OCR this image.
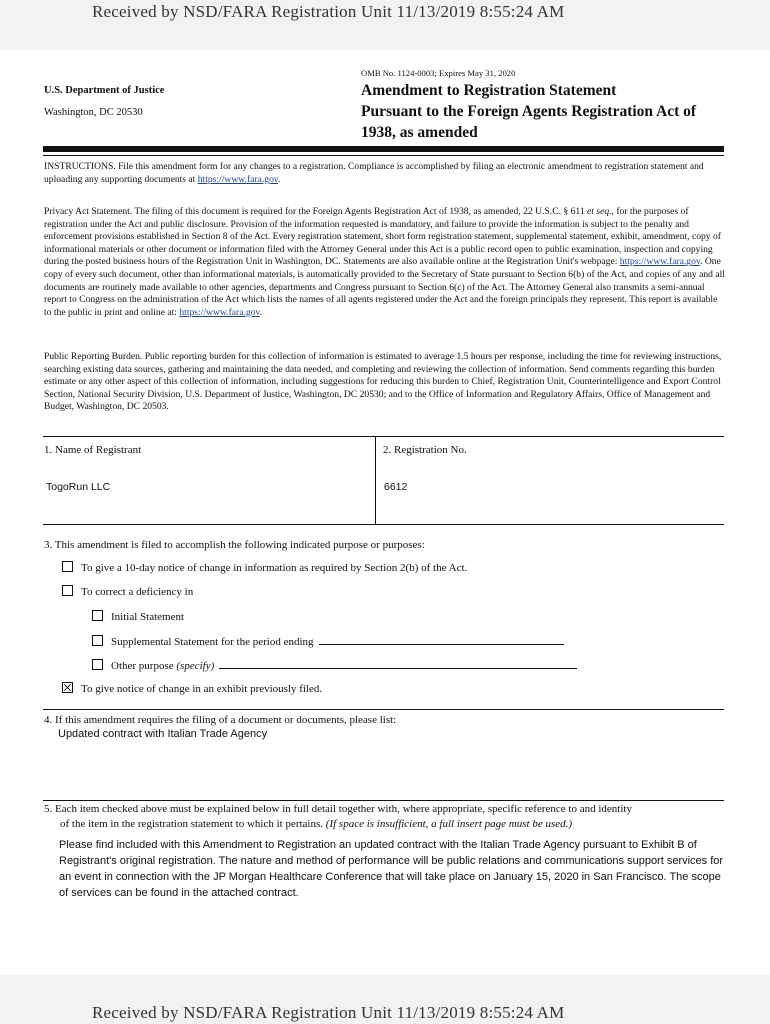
Received by NSD/FARA Registration Unit 11/13/2019 8:55:24 AM
U.S. Department of Justice
Washington, DC 20530
OMB No. 1124-0003; Expires May 31, 2020
Amendment to Registration Statement
Pursuant to the Foreign Agents Registration Act of
1938, as amended
INSTRUCTIONS. File this amendment form for any changes to a registration. Compliance is accomplished by filing an electronic amendment to registration statement and uploading any supporting documents at https://www.fara.gov.
Privacy Act Statement. The filing of this document is required for the Foreign Agents Registration Act of 1938, as amended, 22 U.S.C. § 611 et seq., for the purposes of registration under the Act and public disclosure. Provision of the information requested is mandatory, and failure to provide the information is subject to the penalty and enforcement provisions established in Section 8 of the Act. Every registration statement, short form registration statement, supplemental statement, exhibit, amendment, copy of informational materials or other document or information filed with the Attorney General under this Act is a public record open to public examination, inspection and copying during the posted business hours of the Registration Unit in Washington, DC. Statements are also available online at the Registration Unit's webpage: https://www.fara.gov. One copy of every such document, other than informational materials, is automatically provided to the Secretary of State pursuant to Section 6(b) of the Act, and copies of any and all documents are routinely made available to other agencies, departments and Congress pursuant to Section 6(c) of the Act. The Attorney General also transmits a semi-annual report to Congress on the administration of the Act which lists the names of all agents registered under the Act and the foreign principals they represent. This report is available to the public in print and online at: https://www.fara.gov.
Public Reporting Burden. Public reporting burden for this collection of information is estimated to average 1.5 hours per response, including the time for reviewing instructions, searching existing data sources, gathering and maintaining the data needed, and completing and reviewing the collection of information. Send comments regarding this burden estimate or any other aspect of this collection of information, including suggestions for reducing this burden to Chief, Registration Unit, Counterintelligence and Export Control Section, National Security Division, U.S. Department of Justice, Washington, DC 20530; and to the Office of Information and Regulatory Affairs, Office of Management and Budget, Washington, DC 20503.
1. Name of Registrant
TogoRun LLC
2. Registration No.
6612
3. This amendment is filed to accomplish the following indicated purpose or purposes:
To give a 10-day notice of change in information as required by Section 2(b) of the Act.
To correct a deficiency in
Initial Statement
Supplemental Statement for the period ending
Other purpose (specify)
To give notice of change in an exhibit previously filed.
4. If this amendment requires the filing of a document or documents, please list:
Updated contract with Italian Trade Agency
5. Each item checked above must be explained below in full detail together with, where appropriate, specific reference to and identity
of the item in the registration statement to which it pertains. (If space is insufficient, a full insert page must be used.)
Please find included with this Amendment to Registration an updated contract with the Italian Trade Agency pursuant to Exhibit B of Registrant's original registration. The nature and method of performance will be public relations and communications support services for an event in connection with the JP Morgan Healthcare Conference that will take place on January 15, 2020 in San Francisco. The scope of services can be found in the attached contract.
Received by NSD/FARA Registration Unit 11/13/2019 8:55:24 AM
